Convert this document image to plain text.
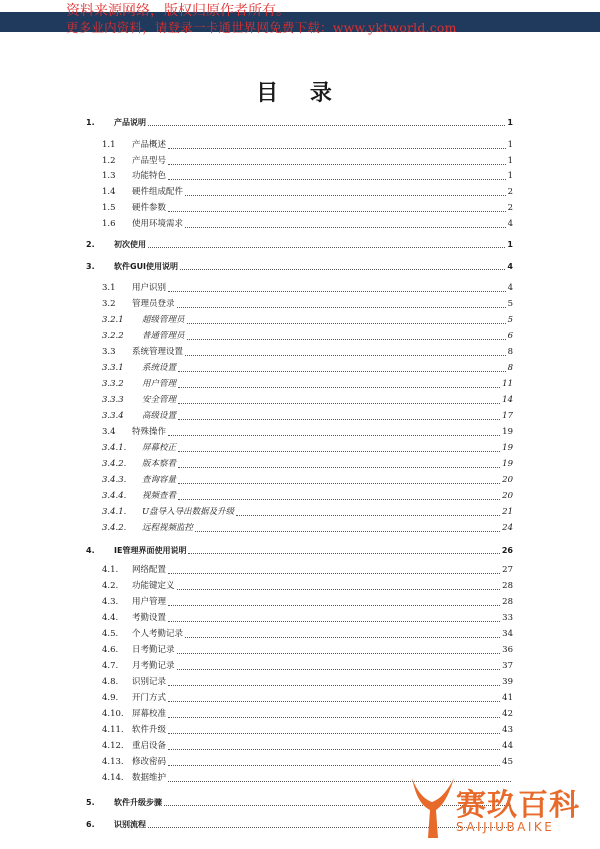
资料来源网络，版权归原作者所有。
更多业内资料，请登录一卡通世界网免费下载：www.yktworld.com
目 录
1. 产品说明	1
1.1 产品概述	1
1.2 产品型号	1
1.3 功能特色	1
1.4 硬件组成配件	2
1.5 硬件参数	2
1.6 使用环境需求	4
2. 初次使用	1
3. 软件GUI使用说明	4
3.1 用户识别	4
3.2 管理员登录	5
3.2.1 超级管理员	5
3.2.2 普通管理员	6
3.3 系统管理设置	8
3.3.1 系统设置	8
3.3.2 用户管理	11
3.3.3 安全管理	14
3.3.4 高级设置	17
3.4 特殊操作	19
3.4.1. 屏幕校正	19
3.4.2. 版本察看	19
3.4.3. 查询容量	20
3.4.4. 视频查看	20
3.4.1. U盘导入导出数据及升级	21
3.4.2. 远程视频监控	24
4. IE管理界面使用说明	26
4.1. 网络配置	27
4.2. 功能键定义	28
4.3. 用户管理	28
4.4. 考勤设置	33
4.5. 个人考勤记录	34
4.6. 日考勤记录	36
4.7. 月考勤记录	37
4.8. 识别记录	39
4.9. 开门方式	41
4.10. 屏幕校准	42
4.11. 软件升级	43
4.12. 重启设备	44
4.13. 修改密码	45
4.14. 数据维护
5. 软件升级步骤
6. 识别流程
赛玖百科
SAIJIUBAIKE
